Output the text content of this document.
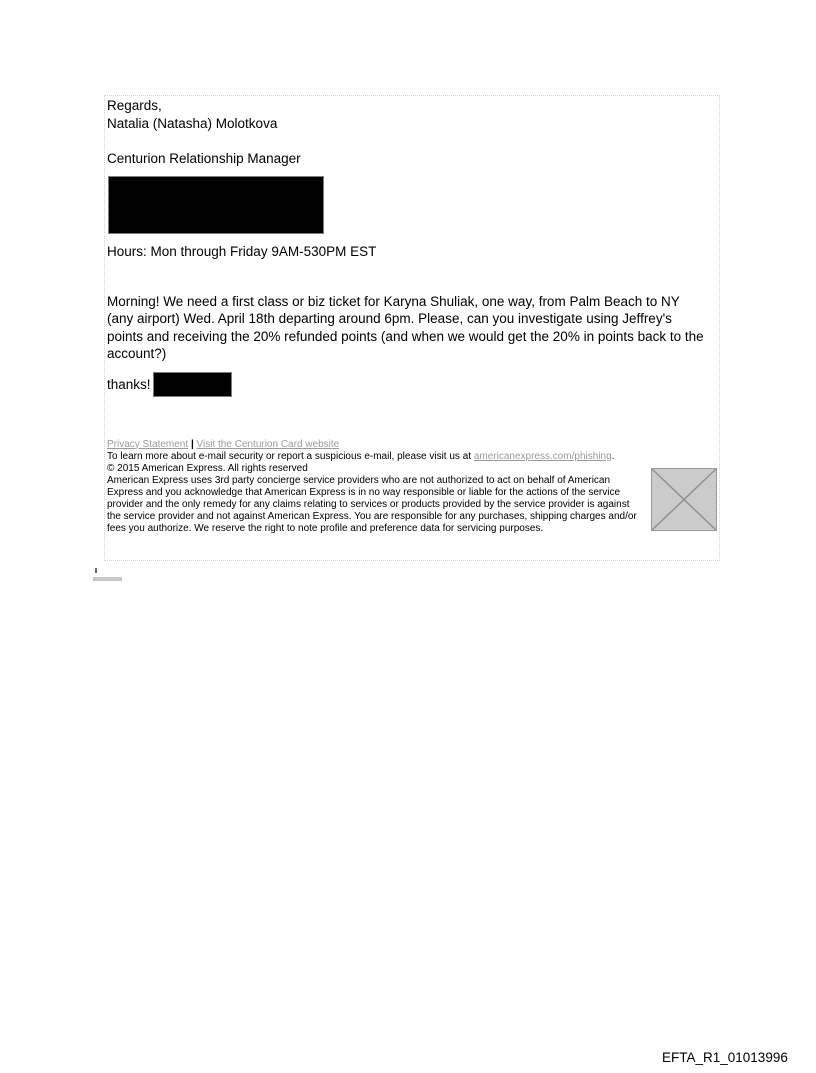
Regards,
Natalia (Natasha) Molotkova
Centurion Relationship Manager
Hours: Mon through Friday 9AM-530PM EST
Morning! We need a first class or biz ticket for Karyna Shuliak, one way, from Palm Beach to NY (any airport) Wed. April 18th departing around 6pm. Please, can you investigate using Jeffrey's points and receiving the 20% refunded points (and when we would get the 20% in points back to the account?)
thanks!
Privacy Statement | Visit the Centurion Card website
To learn more about e-mail security or report a suspicious e-mail, please visit us at americanexpress.com/phishing.
© 2015 American Express. All rights reserved
American Express uses 3rd party concierge service providers who are not authorized to act on behalf of American Express and you acknowledge that American Express is in no way responsible or liable for the actions of the service provider and the only remedy for any claims relating to services or products provided by the service provider is against the service provider and not against American Express. You are responsible for any purchases, shipping charges and/or fees you authorize. We reserve the right to note profile and preference data for servicing purposes.
EFTA_R1_01013996
